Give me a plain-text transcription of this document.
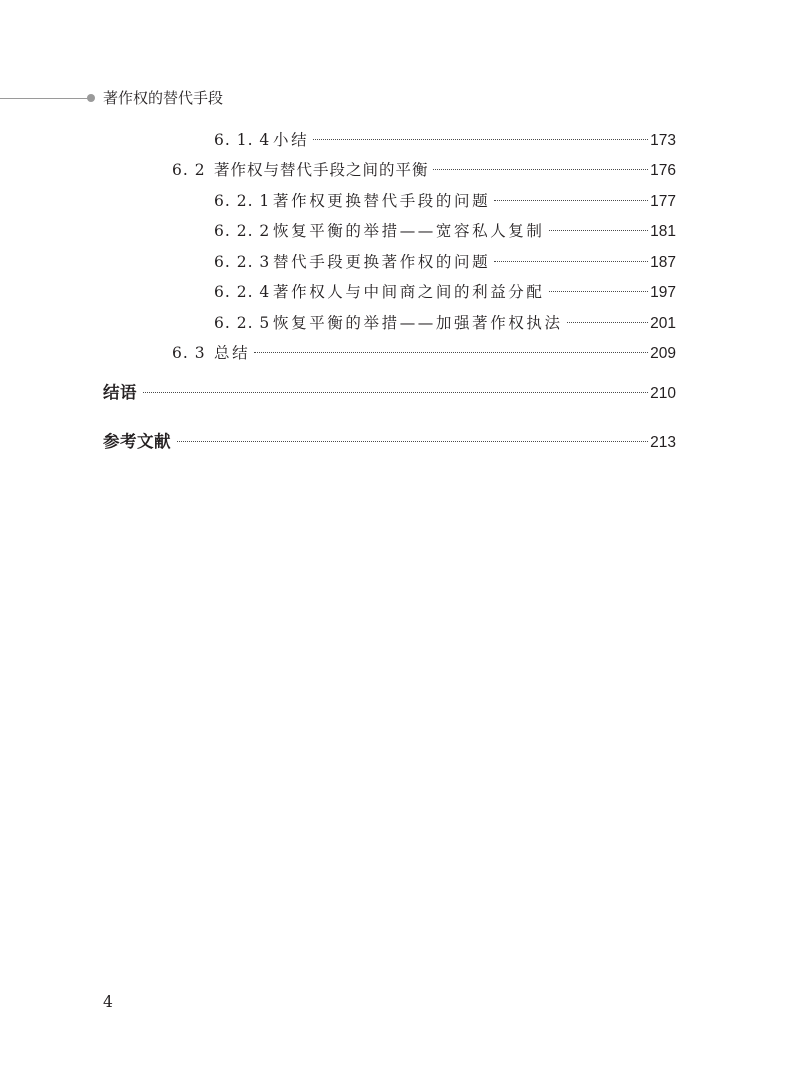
著作权的替代手段
6. 1. 4 小结	173
6. 2 著作权与替代手段之间的平衡	176
6. 2. 1 著作权更换替代手段的问题	177
6. 2. 2 恢复平衡的举措——宽容私人复制	181
6. 2. 3 替代手段更换著作权的问题	187
6. 2. 4 著作权人与中间商之间的利益分配	197
6. 2. 5 恢复平衡的举措——加强著作权执法	201
6. 3 总结	209
结语	210
参考文献	213
4
